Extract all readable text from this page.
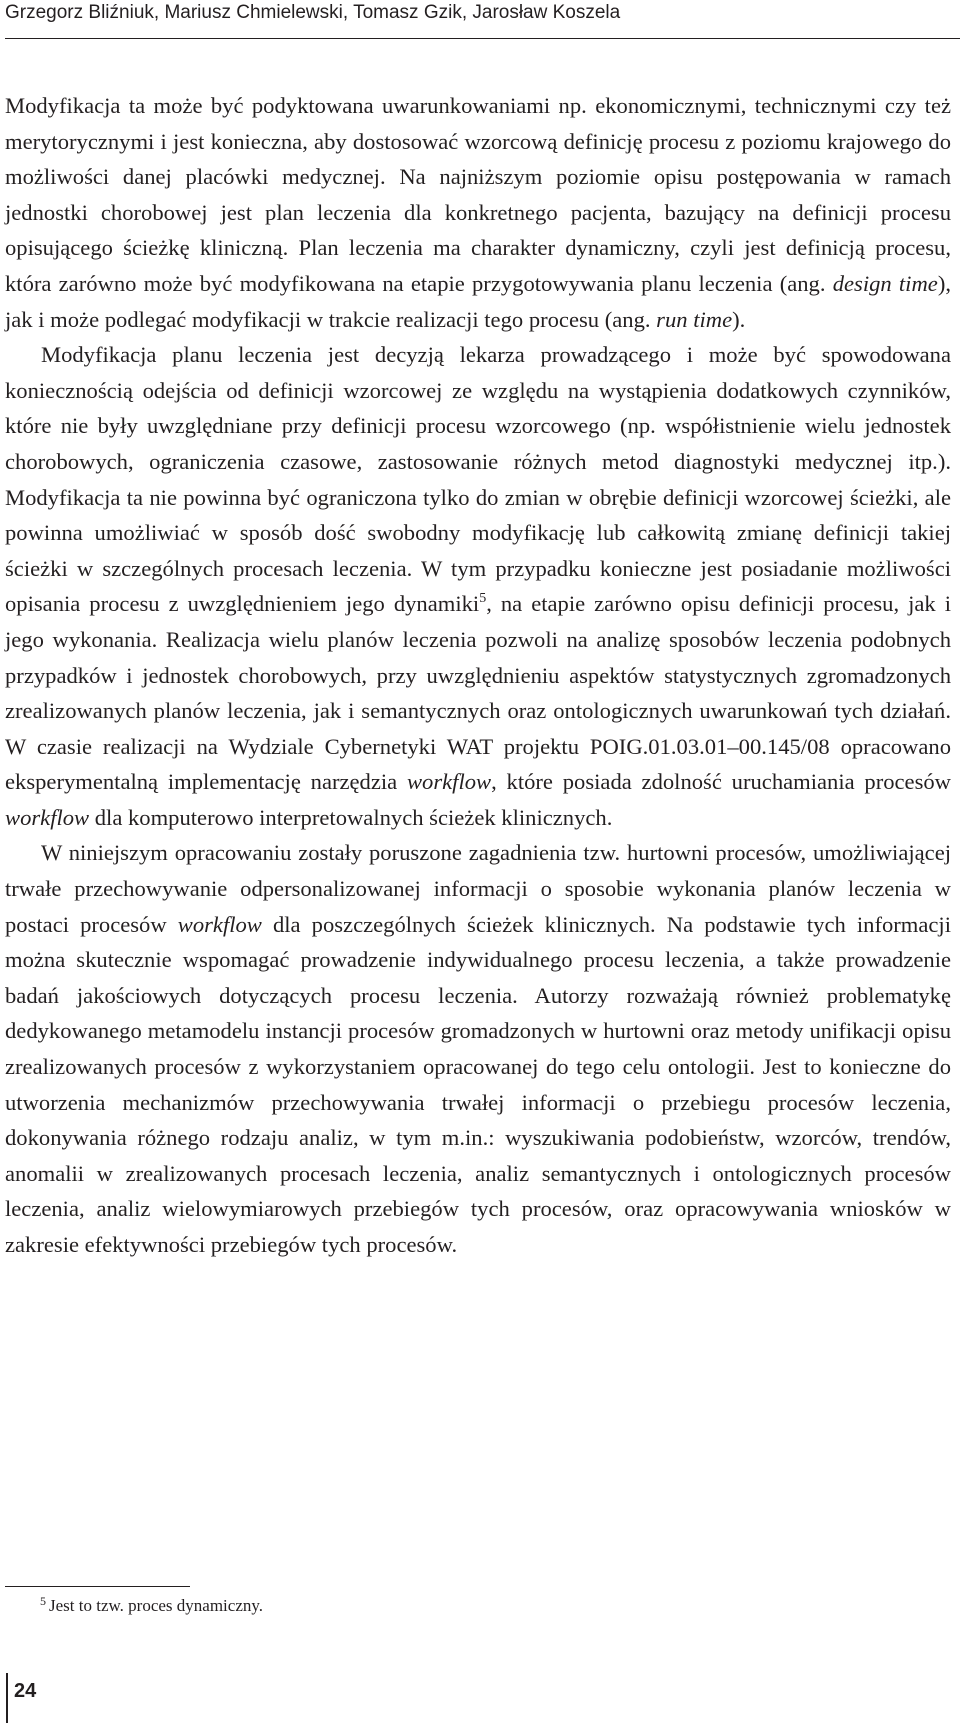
Grzegorz Bliźniuk, Mariusz Chmielewski, Tomasz Gzik, Jarosław Koszela

Modyfikacja ta może być podyktowana uwarunkowaniami np. ekonomicznymi, technicznymi czy też merytorycznymi i jest konieczna, aby dostosować wzorcową definicję procesu z poziomu krajowego do możliwości danej placówki medycznej. Na najniższym poziomie opisu postępowania w ramach jednostki chorobowej jest plan leczenia dla konkretnego pacjenta, bazujący na definicji procesu opisującego ścieżkę kliniczną. Plan leczenia ma charakter dynamiczny, czyli jest definicją procesu, która zarówno może być modyfikowana na etapie przygotowywania planu leczenia (ang. design time), jak i może podlegać modyfikacji w trakcie realizacji tego procesu (ang. run time).

Modyfikacja planu leczenia jest decyzją lekarza prowadzącego i może być spowodowana koniecznością odejścia od definicji wzorcowej ze względu na wystąpienia dodatkowych czynników, które nie były uwzględniane przy definicji procesu wzorcowego (np. współistnienie wielu jednostek chorobowych, ograniczenia czasowe, zastosowanie różnych metod diagnostyki medycznej itp.). Modyfikacja ta nie powinna być ograniczona tylko do zmian w obrębie definicji wzorcowej ścieżki, ale powinna umożliwiać w sposób dość swobodny modyfikację lub całkowitą zmianę definicji takiej ścieżki w szczególnych procesach leczenia. W tym przypadku konieczne jest posiadanie możliwości opisania procesu z uwzględnieniem jego dynamiki$^5$, na etapie zarówno opisu definicji procesu, jak i jego wykonania. Realizacja wielu planów leczenia pozwoli na analizę sposobów leczenia podobnych przypadków i jednostek chorobowych, przy uwzględnieniu aspektów statystycznych zgromadzonych zrealizowanych planów leczenia, jak i semantycznych oraz ontologicznych uwarunkowań tych działań. W czasie realizacji na Wydziale Cybernetyki WAT projektu POIG.01.03.01–00.145/08 opracowano eksperymentalną implementację narzędzia workflow, które posiada zdolność uruchamiania procesów workflow dla komputerowo interpretowalnych ścieżek klinicznych.

W niniejszym opracowaniu zostały poruszone zagadnienia tzw. hurtowni procesów, umożliwiającej trwałe przechowywanie odpersonalizowanej informacji o sposobie wykonania planów leczenia w postaci procesów workflow dla poszczególnych ścieżek klinicznych. Na podstawie tych informacji można skutecznie wspomagać prowadzenie indywidualnego procesu leczenia, a także prowadzenie badań jakościowych dotyczących procesu leczenia. Autorzy rozważają również problematykę dedykowanego metamodelu instancji procesów gromadzonych w hurtowni oraz metody unifikacji opisu zrealizowanych procesów z wykorzystaniem opracowanej do tego celu ontologii. Jest to konieczne do utworzenia mechanizmów przechowywania trwałej informacji o przebiegu procesów leczenia, dokonywania różnego rodzaju analiz, w tym m.in.: wyszukiwania podobieństw, wzorców, trendów, anomalii w zrealizowanych procesach leczenia, analiz semantycznych i ontologicznych procesów leczenia, analiz wielowymiarowych przebiegów tych procesów, oraz opracowywania wniosków w zakresie efektywności przebiegów tych procesów.

$^5$ Jest to tzw. proces dynamiczny.
24
